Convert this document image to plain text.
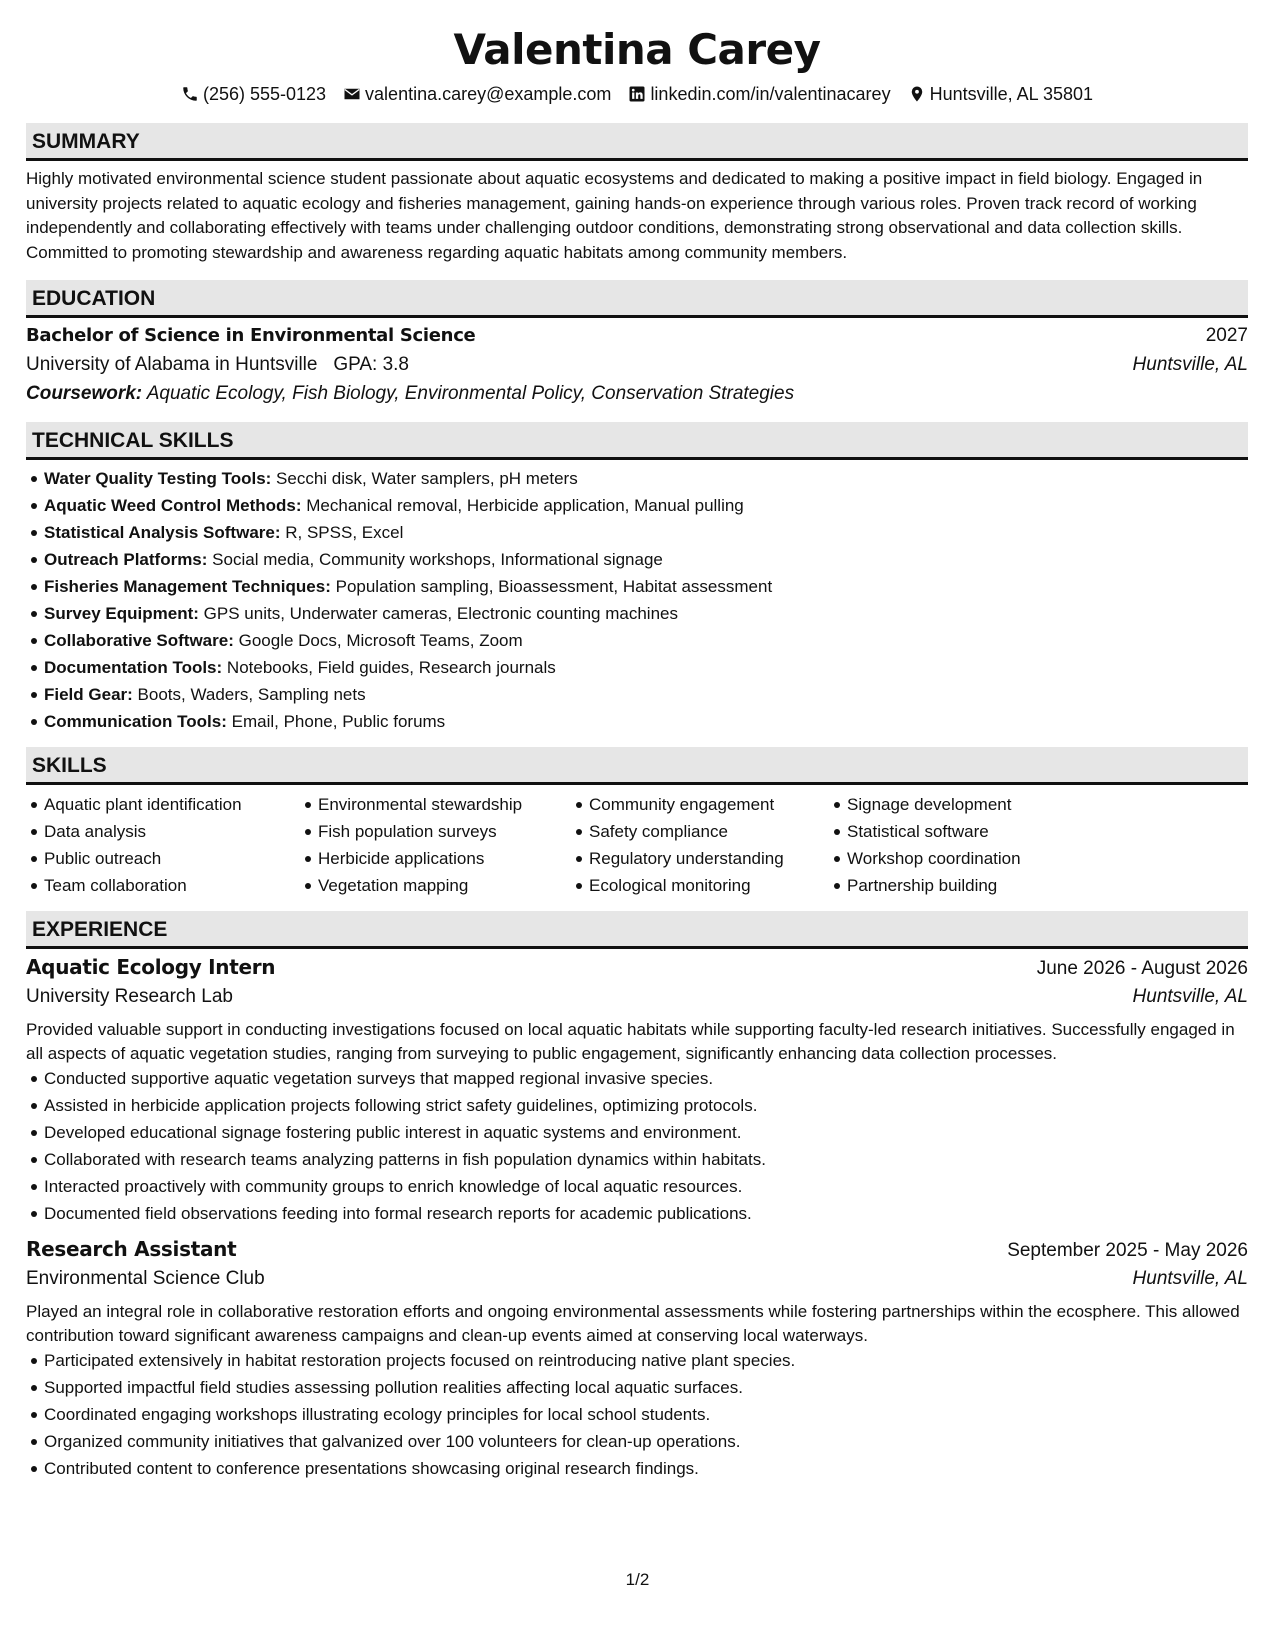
Valentina Carey
(256) 555-0123 valentina.carey@example.com linkedin.com/in/valentinacarey Huntsville, AL 35801
SUMMARY
Highly motivated environmental science student passionate about aquatic ecosystems and dedicated to making a positive impact in field biology. Engaged in university projects related to aquatic ecology and fisheries management, gaining hands-on experience through various roles. Proven track record of working independently and collaborating effectively with teams under challenging outdoor conditions, demonstrating strong observational and data collection skills. Committed to promoting stewardship and awareness regarding aquatic habitats among community members.
EDUCATION
Bachelor of Science in Environmental Science	2027
University of Alabama in Huntsville GPA: 3.8	Huntsville, AL
Coursework: Aquatic Ecology, Fish Biology, Environmental Policy, Conservation Strategies
TECHNICAL SKILLS
Water Quality Testing Tools: Secchi disk, Water samplers, pH meters
Aquatic Weed Control Methods: Mechanical removal, Herbicide application, Manual pulling
Statistical Analysis Software: R, SPSS, Excel
Outreach Platforms: Social media, Community workshops, Informational signage
Fisheries Management Techniques: Population sampling, Bioassessment, Habitat assessment
Survey Equipment: GPS units, Underwater cameras, Electronic counting machines
Collaborative Software: Google Docs, Microsoft Teams, Zoom
Documentation Tools: Notebooks, Field guides, Research journals
Field Gear: Boots, Waders, Sampling nets
Communication Tools: Email, Phone, Public forums
SKILLS
Aquatic plant identification
Data analysis
Public outreach
Team collaboration
Environmental stewardship
Fish population surveys
Herbicide applications
Vegetation mapping
Community engagement
Safety compliance
Regulatory understanding
Ecological monitoring
Signage development
Statistical software
Workshop coordination
Partnership building
EXPERIENCE
Aquatic Ecology Intern	June 2026 - August 2026
University Research Lab	Huntsville, AL
Provided valuable support in conducting investigations focused on local aquatic habitats while supporting faculty-led research initiatives. Successfully engaged in all aspects of aquatic vegetation studies, ranging from surveying to public engagement, significantly enhancing data collection processes.
Conducted supportive aquatic vegetation surveys that mapped regional invasive species.
Assisted in herbicide application projects following strict safety guidelines, optimizing protocols.
Developed educational signage fostering public interest in aquatic systems and environment.
Collaborated with research teams analyzing patterns in fish population dynamics within habitats.
Interacted proactively with community groups to enrich knowledge of local aquatic resources.
Documented field observations feeding into formal research reports for academic publications.
Research Assistant	September 2025 - May 2026
Environmental Science Club	Huntsville, AL
Played an integral role in collaborative restoration efforts and ongoing environmental assessments while fostering partnerships within the ecosphere. This allowed contribution toward significant awareness campaigns and clean-up events aimed at conserving local waterways.
Participated extensively in habitat restoration projects focused on reintroducing native plant species.
Supported impactful field studies assessing pollution realities affecting local aquatic surfaces.
Coordinated engaging workshops illustrating ecology principles for local school students.
Organized community initiatives that galvanized over 100 volunteers for clean-up operations.
Contributed content to conference presentations showcasing original research findings.
1/2
